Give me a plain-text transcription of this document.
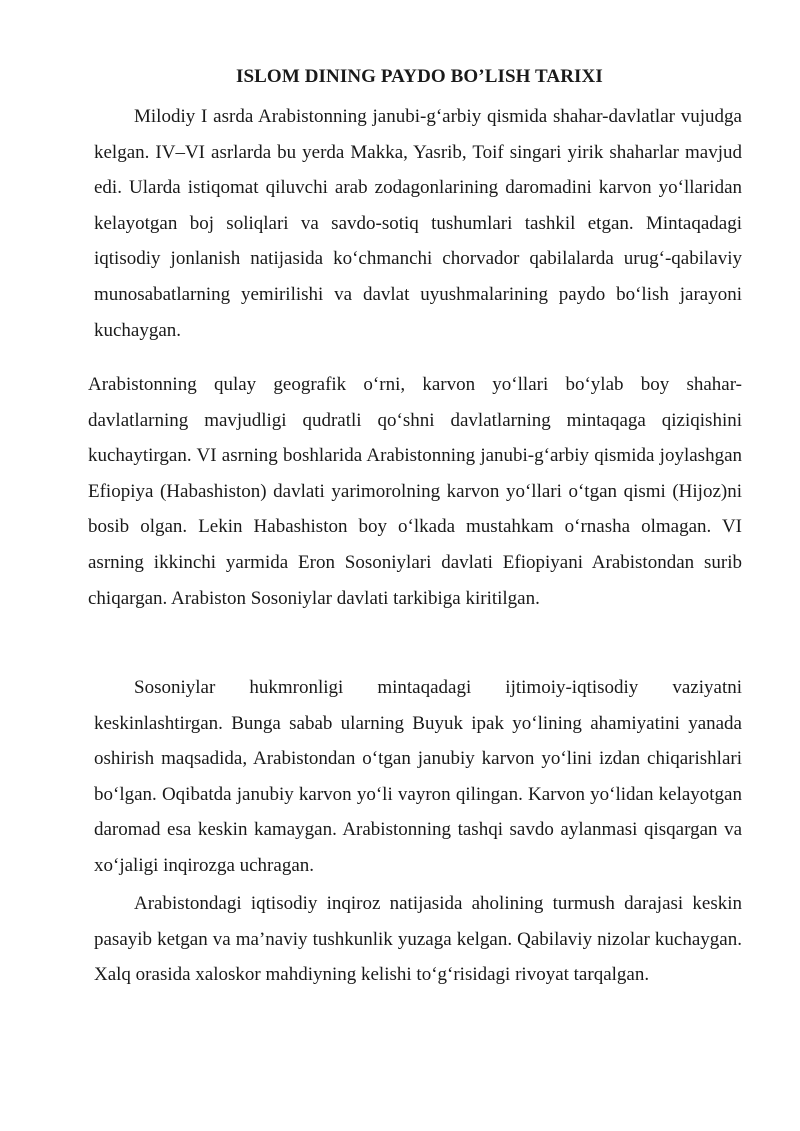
ISLOM DINING PAYDO BO’LISH TARIXI

Milodiy I asrda Arabistonning janubi-g‘arbiy qismida shahar-davlatlar vujudga kelgan. IV–VI asrlarda bu yerda Makka, Yasrib, Toif singari yirik shaharlar mavjud edi. Ularda istiqomat qiluvchi arab zodagonlarining daromadini karvon yo‘llaridan kelayotgan boj soliqlari va savdo-sotiq tushumlari tashkil etgan. Mintaqadagi iqtisodiy jonlanish natijasida ko‘chmanchi chorvador qabilalarda urug‘-qabilaviy munosabatlarning yemirilishi va davlat uyushmalarining paydo bo‘lish jarayoni kuchaygan.

Arabistonning qulay geografik o‘rni, karvon yo‘llari bo‘ylab boy shahar-davlatlarning mavjudligi qudratli qo‘shni davlatlarning mintaqaga qiziqishini kuchaytirgan. VI asrning boshlarida Arabistonning janubi-g‘arbiy qismida joylashgan Efiopiya (Habashiston) davlati yarimorolning karvon yo‘llari o‘tgan qismi (Hijoz)ni bosib olgan. Lekin Habashiston boy o‘lkada mustahkam o‘rnasha olmagan. VI asrning ikkinchi yarmida Eron Sosoniylari davlati Efiopiyani Arabistondan surib chiqargan. Arabiston Sosoniylar davlati tarkibiga kiritilgan.

Sosoniylar hukmronligi mintaqadagi ijtimoiy-iqtisodiy vaziyatni keskinlashtirgan. Bunga sabab ularning Buyuk ipak yo‘lining ahamiyatini yanada oshirish maqsadida, Arabistondan o‘tgan janubiy karvon yo‘lini izdan chiqarishlari bo‘lgan. Oqibatda janubiy karvon yo‘li vayron qilingan. Karvon yo‘lidan kelayotgan daromad esa keskin kamaygan. Arabistonning tashqi savdo aylanmasi qisqargan va xo‘jaligi inqirozga uchragan.

Arabistondagi iqtisodiy inqiroz natijasida aholining turmush darajasi keskin pasayib ketgan va ma’naviy tushkunlik yuzaga kelgan. Qabilaviy nizolar kuchaygan. Xalq orasida xaloskor mahdiyning kelishi to‘g‘risidagi rivoyat tarqalgan.
